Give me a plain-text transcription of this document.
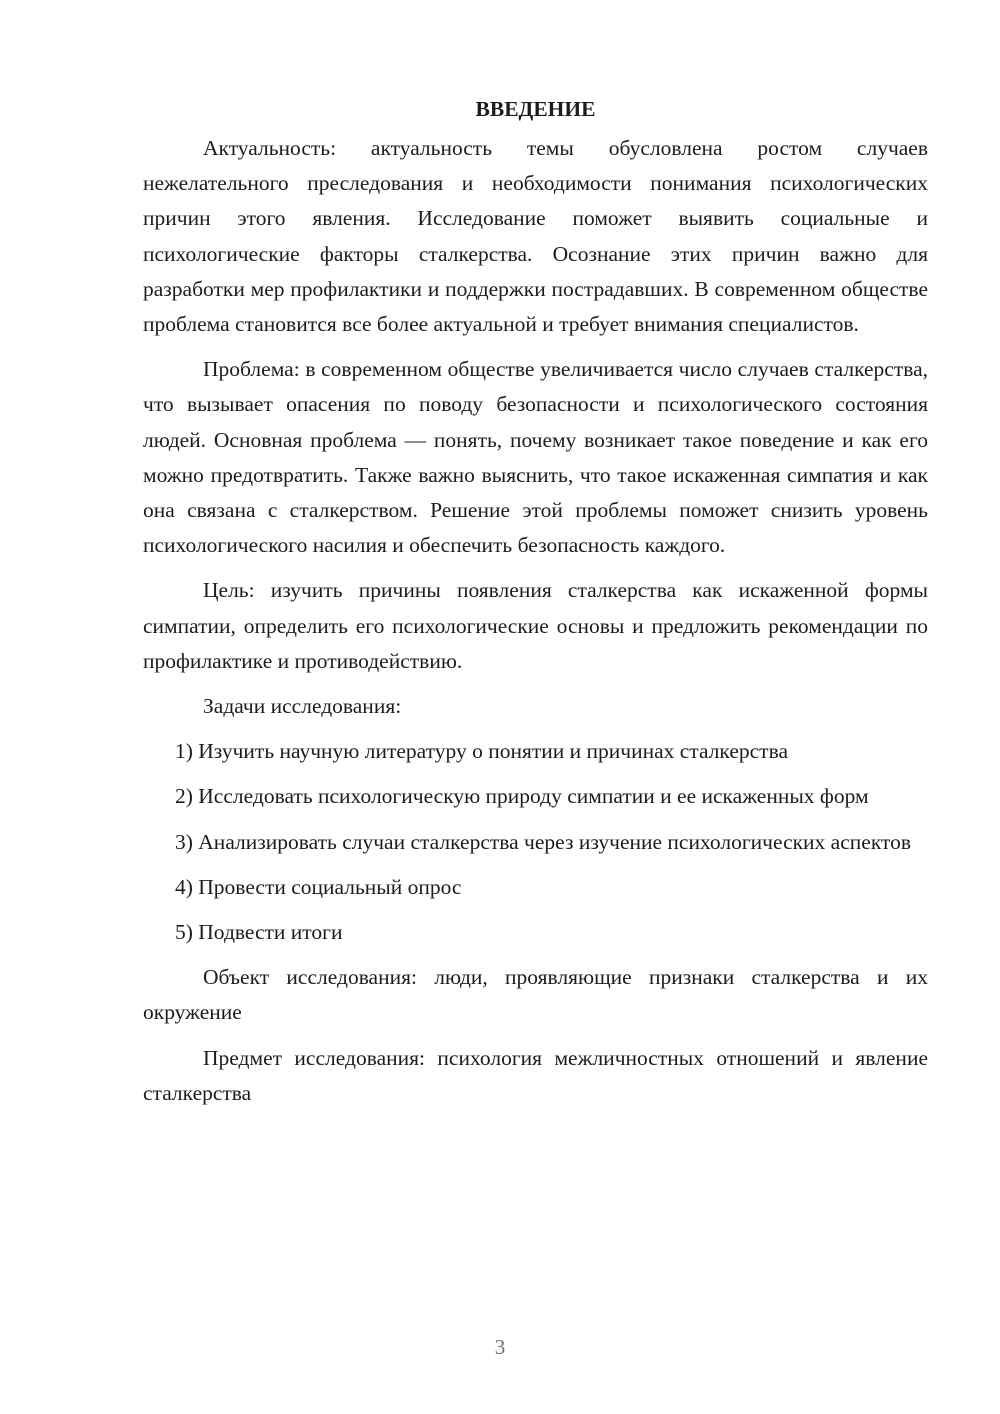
ВВЕДЕНИЕ

Актуальность: актуальность темы обусловлена ростом случаев нежелательного преследования и необходимости понимания психологических причин этого явления. Исследование поможет выявить социальные и психологические факторы сталкерства. Осознание этих причин важно для разработки мер профилактики и поддержки пострадавших. В современном обществе проблема становится все более актуальной и требует внимания специалистов.

Проблема: в современном обществе увеличивается число случаев сталкерства, что вызывает опасения по поводу безопасности и психологического состояния людей. Основная проблема — понять, почему возникает такое поведение и как его можно предотвратить. Также важно выяснить, что такое искаженная симпатия и как она связана с сталкерством. Решение этой проблемы поможет снизить уровень психологического насилия и обеспечить безопасность каждого.

Цель: изучить причины появления сталкерства как искаженной формы симпатии, определить его психологические основы и предложить рекомендации по профилактике и противодействию.

Задачи исследования:

1) Изучить научную литературу о понятии и причинах сталкерства

2) Исследовать психологическую природу симпатии и ее искаженных форм

3) Анализировать случаи сталкерства через изучение психологических аспектов

4) Провести социальный опрос

5) Подвести итоги

Объект исследования: люди, проявляющие признаки сталкерства и их окружение

Предмет исследования: психология межличностных отношений и явление сталкерства

3
